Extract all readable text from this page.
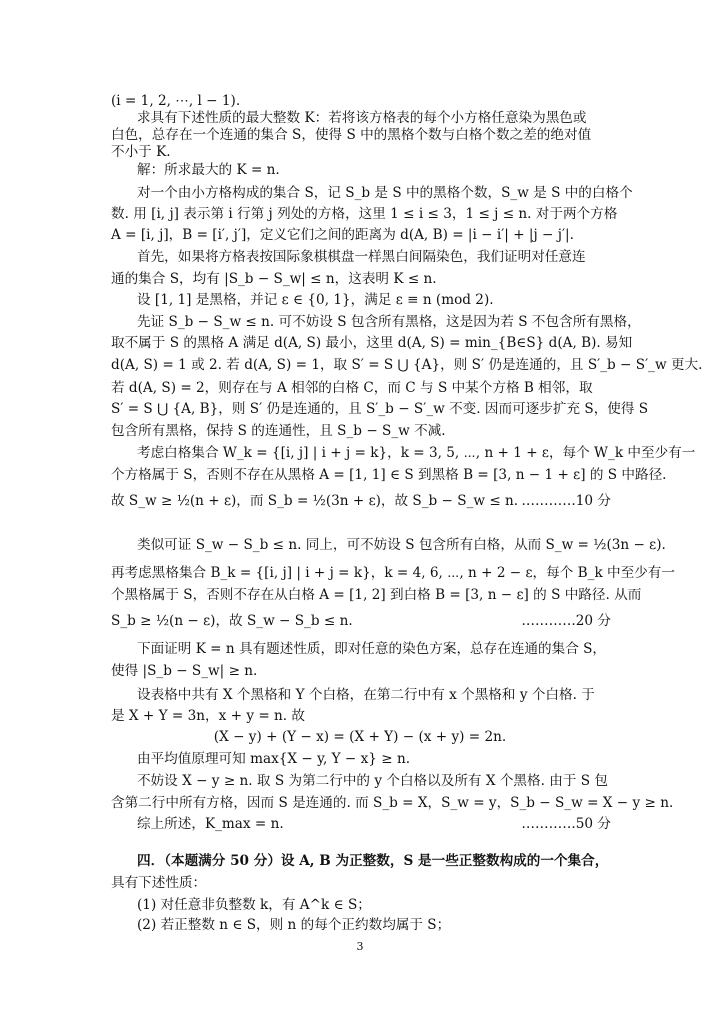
(i = 1, 2, ⋯, l − 1).
求具有下述性质的最大整数 K：若将该方格表的每个小方格任意染为黑色或
白色，总存在一个连通的集合 S，使得 S 中的黑格个数与白格个数之差的绝对值
不小于 K.
解：所求最大的 K = n.
对一个由小方格构成的集合 S，记 S_b 是 S 中的黑格个数，S_w 是 S 中的白格个
数. 用 [i, j] 表示第 i 行第 j 列处的方格，这里 1 ≤ i ≤ 3，1 ≤ j ≤ n. 对于两个方格
A = [i, j]，B = [i′, j′]，定义它们之间的距离为 d(A, B) = |i − i′| + |j − j′|.
首先，如果将方格表按国际象棋棋盘一样黑白间隔染色，我们证明对任意连
通的集合 S，均有 |S_b − S_w| ≤ n，这表明 K ≤ n.
设 [1, 1] 是黑格，并记 ε ∈ {0, 1}，满足 ε ≡ n (mod 2).
先证 S_b − S_w ≤ n. 可不妨设 S 包含所有黑格，这是因为若 S 不包含所有黑格，
取不属于 S 的黑格 A 满足 d(A, S) 最小，这里 d(A, S) = min_{B∈S} d(A, B). 易知
d(A, S) = 1 或 2. 若 d(A, S) = 1，取 S′ = S ⋃ {A}，则 S′ 仍是连通的，且 S′_b − S′_w 更大.
若 d(A, S) = 2，则存在与 A 相邻的白格 C，而 C 与 S 中某个方格 B 相邻，取
S′ = S ⋃ {A, B}，则 S′ 仍是连通的，且 S′_b − S′_w 不变. 因而可逐步扩充 S，使得 S
包含所有黑格，保持 S 的连通性，且 S_b − S_w 不减.
考虑白格集合 W_k = {[i, j] | i + j = k}，k = 3, 5, ⋯, n + 1 + ε，每个 W_k 中至少有一
个方格属于 S，否则不存在从黑格 A = [1, 1] ∈ S 到黑格 B = [3, n − 1 + ε] 的 S 中路径.
故 S_w ≥ ½(n + ε)，而 S_b = ½(3n + ε)，故 S_b − S_w ≤ n. …………10 分
类似可证 S_w − S_b ≤ n. 同上，可不妨设 S 包含所有白格，从而 S_w = ½(3n − ε).
再考虑黑格集合 B_k = {[i, j] | i + j = k}，k = 4, 6, ⋯, n + 2 − ε，每个 B_k 中至少有一
个黑格属于 S，否则不存在从白格 A = [1, 2] 到白格 B = [3, n − ε] 的 S 中路径. 从而
S_b ≥ ½(n − ε)，故 S_w − S_b ≤ n.	…………20 分
下面证明 K = n 具有题述性质，即对任意的染色方案，总存在连通的集合 S，
使得 |S_b − S_w| ≥ n.
设表格中共有 X 个黑格和 Y 个白格，在第二行中有 x 个黑格和 y 个白格. 于
是 X + Y = 3n，x + y = n. 故
(X − y) + (Y − x) = (X + Y) − (x + y) = 2n.
由平均值原理可知 max{X − y, Y − x} ≥ n.
不妨设 X − y ≥ n. 取 S 为第二行中的 y 个白格以及所有 X 个黑格. 由于 S 包
含第二行中所有方格，因而 S 是连通的. 而 S_b = X，S_w = y，S_b − S_w = X − y ≥ n.
综上所述，K_max = n.	…………50 分
四．（本题满分 50 分）设 A, B 为正整数，S 是一些正整数构成的一个集合，
具有下述性质：
(1) 对任意非负整数 k，有 A^k ∈ S；
(2) 若正整数 n ∈ S，则 n 的每个正约数均属于 S；
3
